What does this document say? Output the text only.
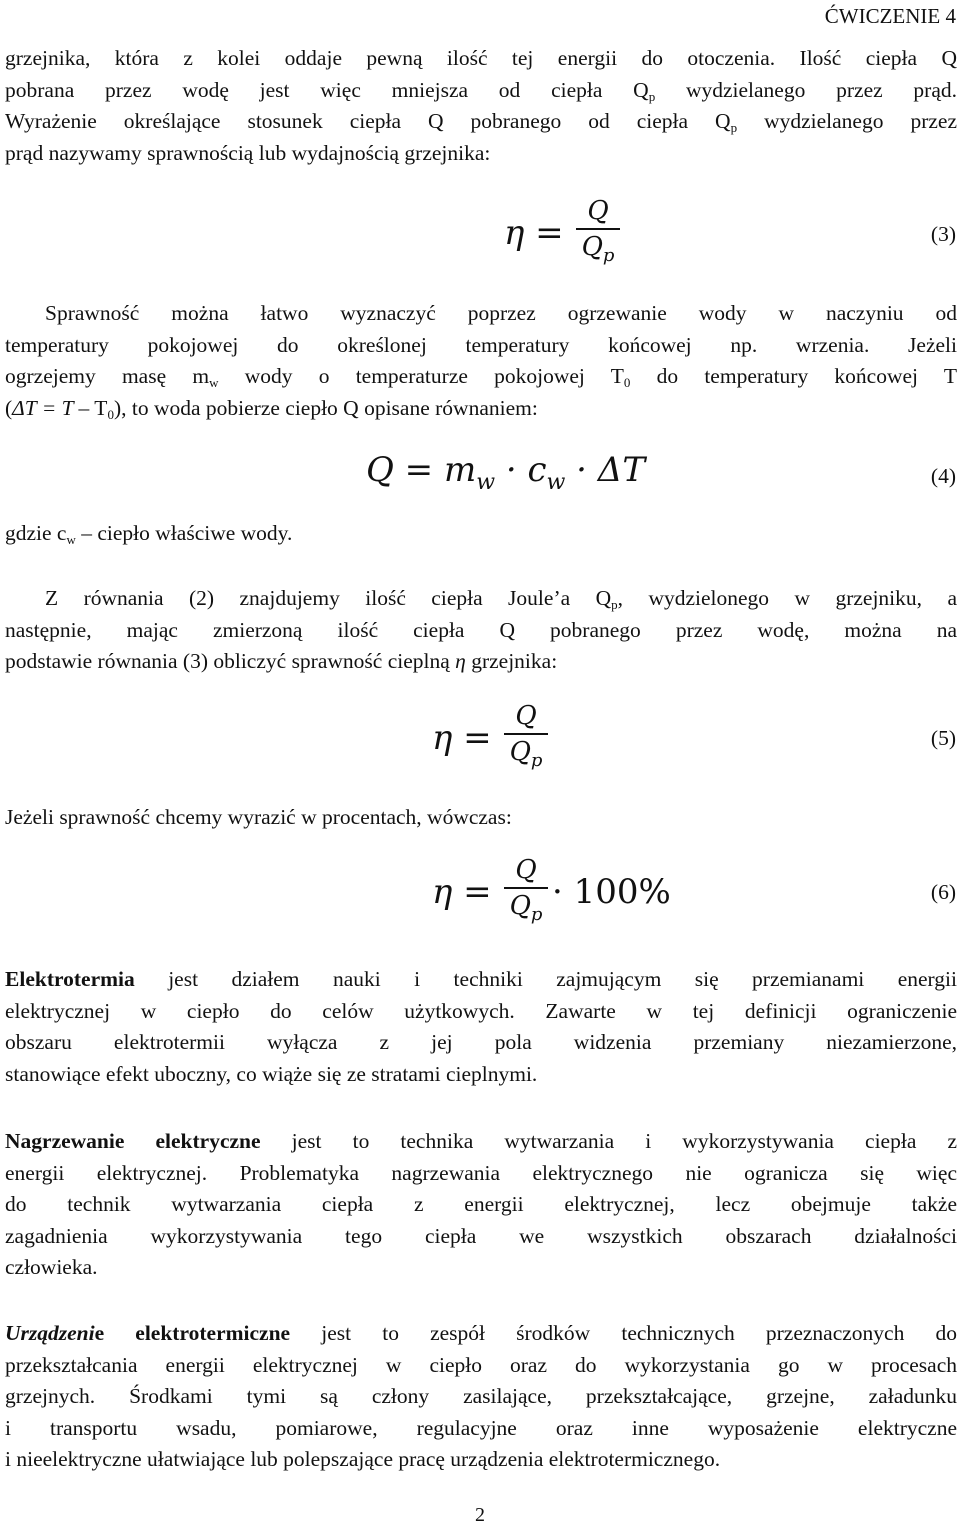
ĆWICZENIE 4
grzejnika, która z kolei oddaje pewną ilość tej energii do otoczenia. Ilość ciepła Q
pobrana przez wodę jest więc mniejsza od ciepła $Q_p$ wydzielanego przez prąd.
Wyrażenie określające stosunek ciepła Q pobranego od ciepła $Q_p$ wydzielanego przez
prąd nazywamy sprawnością lub wydajnością grzejnika:
η =
Q
$Q_p$
(3)
Sprawność można łatwo wyznaczyć poprzez ogrzewanie wody w naczyniu od
temperatury pokojowej do określonej temperatury końcowej np. wrzenia. Jeżeli
ogrzejemy masę $m_w$ wody o temperaturze pokojowej $T_0$ do temperatury końcowej T
$(\Delta T = T - T_0)$, to woda pobierze ciepło Q opisane równaniem:
$Q = m_w \cdot c_w \cdot \Delta T$	(4)
gdzie $c_w$ – ciepło właściwe wody.
Z równania (2) znajdujemy ilość ciepła Joule’a $Q_p$, wydzielonego w grzejniku, a
następnie, mając zmierzoną ilość ciepła Q pobranego przez wodę, można na
podstawie równania (3) obliczyć sprawność cieplną η grzejnika:
η =
Q
$Q_p$
(5)
Jeżeli sprawność chcemy wyrazić w procentach, wówczas:
η =
Q
$Q_p$
· 100%	(6)
Elektrotermia jest działem nauki i techniki zajmującym się przemianami energii
elektrycznej w ciepło do celów użytkowych. Zawarte w tej definicji ograniczenie
obszaru elektrotermii wyłącza z jej pola widzenia przemiany niezamierzone,
stanowiące efekt uboczny, co wiąże się ze stratami cieplnymi.
Nagrzewanie elektryczne jest to technika wytwarzania i wykorzystywania ciepła z
energii elektrycznej. Problematyka nagrzewania elektrycznego nie ogranicza się więc
do technik wytwarzania ciepła z energii elektrycznej, lecz obejmuje także
zagadnienia wykorzystywania tego ciepła we wszystkich obszarach działalności
człowieka.
Urządzenie elektrotermiczne jest to zespół środków technicznych przeznaczonych do
przekształcania energii elektrycznej w ciepło oraz do wykorzystania go w procesach
grzejnych. Środkami tymi są człony zasilające, przekształcające, grzejne, załadunku
i transportu wsadu, pomiarowe, regulacyjne oraz inne wyposażenie elektryczne
i nieelektryczne ułatwiające lub polepszające pracę urządzenia elektrotermicznego.
2
